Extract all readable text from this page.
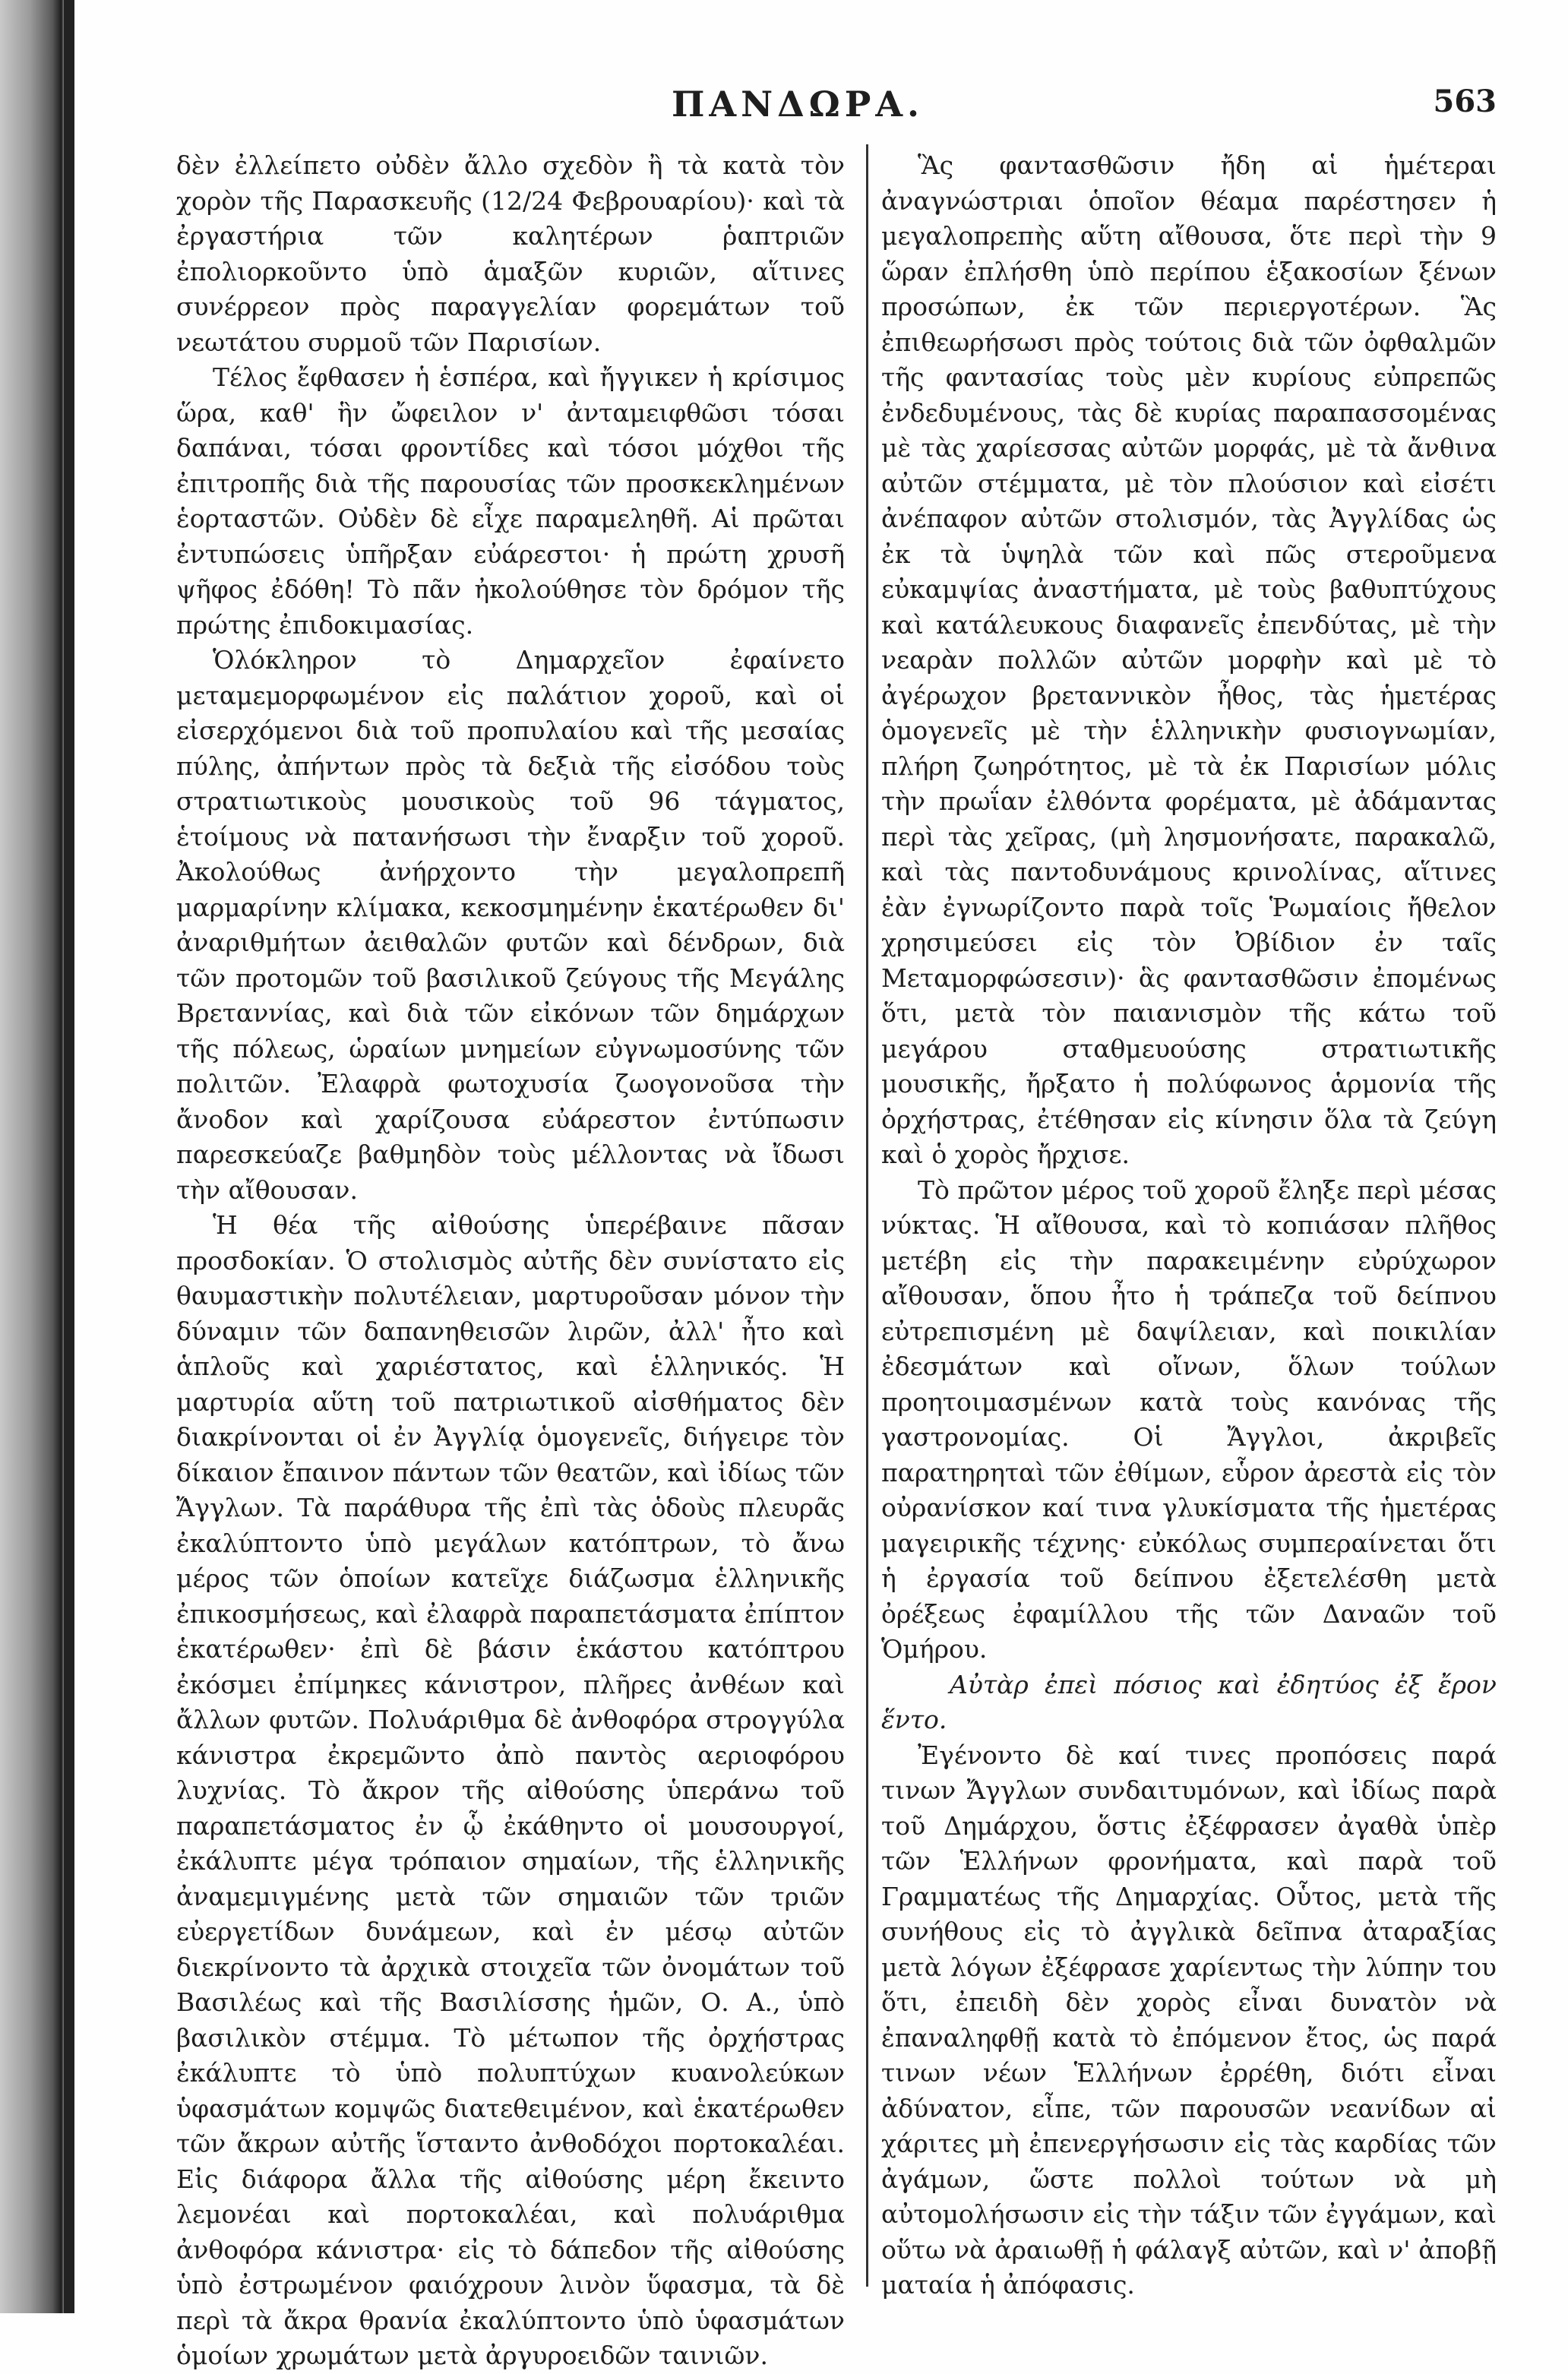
ΠΑΝΔΩΡΑ.	563

δὲν ἐλλείπετο οὐδὲν ἄλλο σχεδὸν ἢ τὰ κατὰ τὸν χορὸν τῆς Παρασκευῆς (12/24 Φεβρουαρίου)· καὶ τὰ ἐργαστήρια τῶν καλητέρων ῥαπτριῶν ἐπολιορκοῦντο ὑπὸ ἁμαξῶν κυριῶν, αἵτινες συνέρρεον πρὸς παραγγελίαν φορεμάτων τοῦ νεωτάτου συρμοῦ τῶν Παρισίων.

Τέλος ἔφθασεν ἡ ἑσπέρα, καὶ ἤγγικεν ἡ κρίσιμος ὥρα, καθ' ἣν ὤφειλον ν' ἀνταμειφθῶσι τόσαι δαπάναι, τόσαι φροντίδες καὶ τόσοι μόχθοι τῆς ἐπιτροπῆς διὰ τῆς παρουσίας τῶν προσκεκλημένων ἑορταστῶν. Οὐδὲν δὲ εἶχε παραμεληθῆ. Αἱ πρῶται ἐντυπώσεις ὑπῆρξαν εὐάρεστοι· ἡ πρώτη χρυσῆ ψῆφος ἐδόθη! Τὸ πᾶν ἠκολούθησε τὸν δρόμον τῆς πρώτης ἐπιδοκιμασίας.

Ὁλόκληρον τὸ Δημαρχεῖον ἐφαίνετο μεταμεμορφωμένον εἰς παλάτιον χοροῦ, καὶ οἱ εἰσερχόμενοι διὰ τοῦ προπυλαίου καὶ τῆς μεσαίας πύλης, ἀπήντων πρὸς τὰ δεξιὰ τῆς εἰσόδου τοὺς στρατιωτικοὺς μουσικοὺς τοῦ 96 τάγματος, ἑτοίμους νὰ πατανήσωσι τὴν ἔναρξιν τοῦ χοροῦ. Ἀκολούθως ἀνήρχοντο τὴν μεγαλοπρεπῆ μαρμαρίνην κλίμακα, κεκοσμημένην ἑκατέρωθεν δι' ἀναριθμήτων ἀειθαλῶν φυτῶν καὶ δένδρων, διὰ τῶν προτομῶν τοῦ βασιλικοῦ ζεύγους τῆς Μεγάλης Βρεταννίας, καὶ διὰ τῶν εἰκόνων τῶν δημάρχων τῆς πόλεως, ὡραίων μνημείων εὐγνωμοσύνης τῶν πολιτῶν. Ἐλαφρὰ φωτοχυσία ζωογονοῦσα τὴν ἄνοδον καὶ χαρίζουσα εὐάρεστον ἐντύπωσιν παρεσκεύαζε βαθμηδὸν τοὺς μέλλοντας νὰ ἴδωσι τὴν αἴθουσαν.

Ἡ θέα τῆς αἰθούσης ὑπερέβαινε πᾶσαν προσδοκίαν. Ὁ στολισμὸς αὐτῆς δὲν συνίστατο εἰς θαυμαστικὴν πολυτέλειαν, μαρτυροῦσαν μόνον τὴν δύναμιν τῶν δαπανηθεισῶν λιρῶν, ἀλλ' ἦτο καὶ ἁπλοῦς καὶ χαριέστατος, καὶ ἑλληνικός. Ἡ μαρτυρία αὕτη τοῦ πατριωτικοῦ αἰσθήματος δὲν διακρίνονται οἱ ἐν Ἀγγλίᾳ ὁμογενεῖς, διήγειρε τὸν δίκαιον ἔπαινον πάντων τῶν θεατῶν, καὶ ἰδίως τῶν Ἄγγλων. Τὰ παράθυρα τῆς ἐπὶ τὰς ὁδοὺς πλευρᾶς ἐκαλύπτοντο ὑπὸ μεγάλων κατόπτρων, τὸ ἄνω μέρος τῶν ὁποίων κατεῖχε διάζωσμα ἑλληνικῆς ἐπικοσμήσεως, καὶ ἐλαφρὰ παραπετάσματα ἐπίπτον ἑκατέρωθεν· ἐπὶ δὲ βάσιν ἑκάστου κατόπτρου ἐκόσμει ἐπίμηκες κάνιστρον, πλῆρες ἀνθέων καὶ ἄλλων φυτῶν. Πολυάριθμα δὲ ἀνθοφόρα στρογγύλα κάνιστρα ἐκρεμῶντο ἀπὸ παντὸς αεριοφόρου λυχνίας. Τὸ ἄκρον τῆς αἰθούσης ὑπεράνω τοῦ παραπετάσματος ἐν ᾧ ἐκάθηντο οἱ μουσουργοί, ἐκάλυπτε μέγα τρόπαιον σημαίων, τῆς ἑλληνικῆς ἀναμεμιγμένης μετὰ τῶν σημαιῶν τῶν τριῶν εὐεργετίδων δυνάμεων, καὶ ἐν μέσῳ αὐτῶν διεκρίνοντο τὰ ἀρχικὰ στοιχεῖα τῶν ὀνομάτων τοῦ Βασιλέως καὶ τῆς Βασιλίσσης ἡμῶν, Ο. Α., ὑπὸ βασιλικὸν στέμμα. Τὸ μέτωπον τῆς ὀρχήστρας ἐκάλυπτε τὸ ὑπὸ πολυπτύχων κυανολεύκων ὑφασμάτων κομψῶς διατεθειμένον, καὶ ἑκατέρωθεν τῶν ἄκρων αὐτῆς ἵσταντο ἀνθοδόχοι πορτοκαλέαι. Εἰς διάφορα ἄλλα τῆς αἰθούσης μέρη ἔκειντο λεμονέαι καὶ πορτοκαλέαι, καὶ πολυάριθμα ἀνθοφόρα κάνιστρα· εἰς τὸ δάπεδον τῆς αἰθούσης ὑπὸ ἐστρωμένον φαιόχρουν λινὸν ὕφασμα, τὰ δὲ περὶ τὰ ἄκρα θρανία ἐκαλύπτοντο ὑπὸ ὑφασμάτων ὁμοίων χρωμάτων μετὰ ἀργυροειδῶν ταινιῶν.

Ἃς φαντασθῶσιν ἤδη αἱ ἡμέτεραι ἀναγνώστριαι ὁποῖον θέαμα παρέστησεν ἡ μεγαλοπρεπὴς αὕτη αἴθουσα, ὅτε περὶ τὴν 9 ὥραν ἐπλήσθη ὑπὸ περίπου ἑξακοσίων ξένων προσώπων, ἐκ τῶν περιεργοτέρων. Ἃς ἐπιθεωρήσωσι πρὸς τούτοις διὰ τῶν ὀφθαλμῶν τῆς φαντασίας τοὺς μὲν κυρίους εὐπρεπῶς ἐνδεδυμένους, τὰς δὲ κυρίας παραπασσομένας μὲ τὰς χαρίεσσας αὐτῶν μορφάς, μὲ τὰ ἄνθινα αὐτῶν στέμματα, μὲ τὸν πλούσιον καὶ εἰσέτι ἀνέπαφον αὐτῶν στολισμόν, τὰς Ἀγγλίδας ὡς ἐκ τὰ ὑψηλὰ τῶν καὶ πῶς στεροῦμενα εὐκαμψίας ἀναστήματα, μὲ τοὺς βαθυπτύχους καὶ κατάλευκους διαφανεῖς ἐπενδύτας, μὲ τὴν νεαρὰν πολλῶν αὐτῶν μορφὴν καὶ μὲ τὸ ἀγέρωχον βρεταννικὸν ἦθος, τὰς ἡμετέρας ὁμογενεῖς μὲ τὴν ἑλληνικὴν φυσιογνωμίαν, πλήρη ζωηρότητος, μὲ τὰ ἐκ Παρισίων μόλις τὴν πρωΐαν ἐλθόντα φορέματα, μὲ ἀδάμαντας περὶ τὰς χεῖρας, (μὴ λησμονήσατε, παρακαλῶ, καὶ τὰς παντοδυνάμους κρινολίνας, αἵτινες ἐὰν ἐγνωρίζοντο παρὰ τοῖς Ῥωμαίοις ἤθελον χρησιμεύσει εἰς τὸν Ὀβίδιον ἐν ταῖς Μεταμορφώσεσιν)· ἃς φαντασθῶσιν ἐπομένως ὅτι, μετὰ τὸν παιανισμὸν τῆς κάτω τοῦ μεγάρου σταθμευούσης στρατιωτικῆς μουσικῆς, ἤρξατο ἡ πολύφωνος ἁρμονία τῆς ὀρχήστρας, ἐτέθησαν εἰς κίνησιν ὅλα τὰ ζεύγη καὶ ὁ χορὸς ἤρχισε.

Τὸ πρῶτον μέρος τοῦ χοροῦ ἔληξε περὶ μέσας νύκτας. Ἡ αἴθουσα, καὶ τὸ κοπιάσαν πλῆθος μετέβη εἰς τὴν παρακειμένην εὐρύχωρον αἴθουσαν, ὅπου ἦτο ἡ τράπεζα τοῦ δείπνου εὐτρεπισμένη μὲ δαψίλειαν, καὶ ποικιλίαν ἐδεσμάτων καὶ οἴνων, ὅλων τούλων προητοιμασμένων κατὰ τοὺς κανόνας τῆς γαστρονομίας. Οἱ Ἄγγλοι, ἀκριβεῖς παρατηρηταὶ τῶν ἐθίμων, εὗρον ἀρεστὰ εἰς τὸν οὐρανίσκον καί τινα γλυκίσματα τῆς ἡμετέρας μαγειρικῆς τέχνης· εὐκόλως συμπεραίνεται ὅτι ἡ ἐργασία τοῦ δείπνου ἐξετελέσθη μετὰ ὀρέξεως ἐφαμίλλου τῆς τῶν Δαναῶν τοῦ Ὁμήρου.

Αὐτὰρ ἐπεὶ πόσιος καὶ ἐδητύος ἐξ ἔρον ἕντο.

Ἐγένοντο δὲ καί τινες προπόσεις παρά τινων Ἄγγλων συνδαιτυμόνων, καὶ ἰδίως παρὰ τοῦ Δημάρχου, ὅστις ἐξέφρασεν ἀγαθὰ ὑπὲρ τῶν Ἑλλήνων φρονήματα, καὶ παρὰ τοῦ Γραμματέως τῆς Δημαρχίας. Οὗτος, μετὰ τῆς συνήθους εἰς τὸ ἀγγλικὰ δεῖπνα ἀταραξίας μετὰ λόγων ἐξέφρασε χαρίεντως τὴν λύπην του ὅτι, ἐπειδὴ δὲν χορὸς εἶναι δυνατὸν νὰ ἐπαναληφθῇ κατὰ τὸ ἐπόμενον ἔτος, ὡς παρά τινων νέων Ἑλλήνων ἐρρέθη, διότι εἶναι ἀδύνατον, εἶπε, τῶν παρουσῶν νεανίδων αἱ χάριτες μὴ ἐπενεργήσωσιν εἰς τὰς καρδίας τῶν ἀγάμων, ὥστε πολλοὶ τούτων νὰ μὴ αὐτομολήσωσιν εἰς τὴν τάξιν τῶν ἐγγάμων, καὶ οὕτω νὰ ἀραιωθῇ ἡ φάλαγξ αὐτῶν, καὶ ν' ἀποβῇ ματαία ἡ ἀπόφασις.
